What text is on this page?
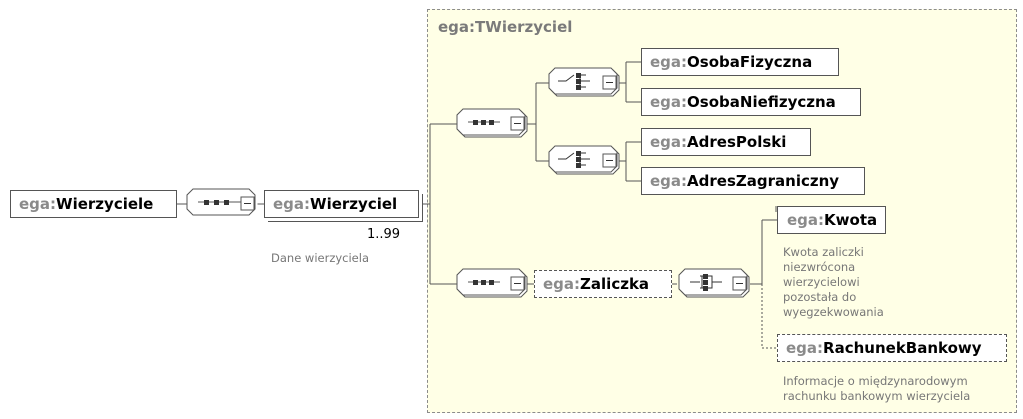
ega:TWierzyciel
ega:Wierzyciele	ega:Wierzyciel
1..99
Dane wierzyciela
ega:OsobaFizyczna
ega:OsobaNiefizyczna
ega:AdresPolski
ega:AdresZagraniczny
ega:Zaliczka
ega:Kwota
Kwota zaliczki
niezwrócona
wierzycielowi
pozostała do
wyegzekwowania
ega:RachunekBankowy
Informacje o międzynarodowym
rachunku bankowym wierzyciela
